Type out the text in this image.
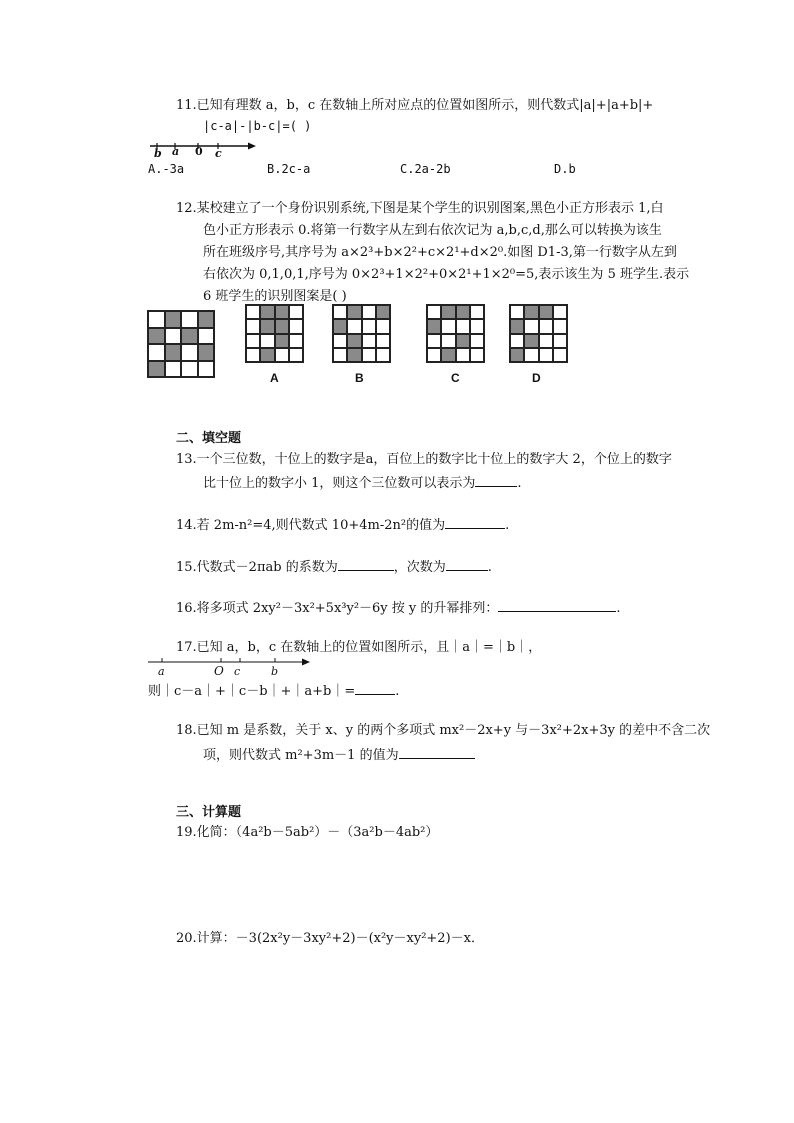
11.已知有理数 a，b，c 在数轴上所对应点的位置如图所示，则代数式|a|+|a+b|+
|c-a|-|b-c|=( )
b a 0 c
A.-3a	B.2c-a	C.2a-2b	D.b
12.某校建立了一个身份识别系统,下图是某个学生的识别图案,黑色小正方形表示 1,白
色小正方形表示 0.将第一行数字从左到右依次记为 a,b,c,d,那么可以转换为该生
所在班级序号,其序号为 a×2³+b×2²+c×2¹+d×2⁰.如图 D1-3,第一行数字从左到
右依次为 0,1,0,1,序号为 0×2³+1×2²+0×2¹+1×2⁰=5,表示该生为 5 班学生.表示
6 班学生的识别图案是( )
A	B	C	D
二、填空题
13.一个三位数，十位上的数字是a，百位上的数字比十位上的数字大 2，个位上的数字
比十位上的数字小 1，则这个三位数可以表示为	.
14.若 2m-n²=4,则代数式 10+4m-2n²的值为	.
15.代数式－2πab 的系数为	，次数为	.
16.将多项式 2xy²－3x²+5x³y²－6y 按 y 的升幂排列：	.
17.已知 a，b，c 在数轴上的位置如图所示，且｜a｜=｜b｜，
a	O c	b
则｜c－a｜+｜c－b｜+｜a+b｜=	.
18.已知 m 是系数，关于 x、y 的两个多项式 mx²－2x+y 与－3x²+2x+3y 的差中不含二次
项，则代数式 m²+3m－1 的值为
三、计算题
19.化简：（4a²b－5ab²）－（3a²b－4ab²）
20.计算：－3(2x²y－3xy²+2)－(x²y－xy²+2)－x．
